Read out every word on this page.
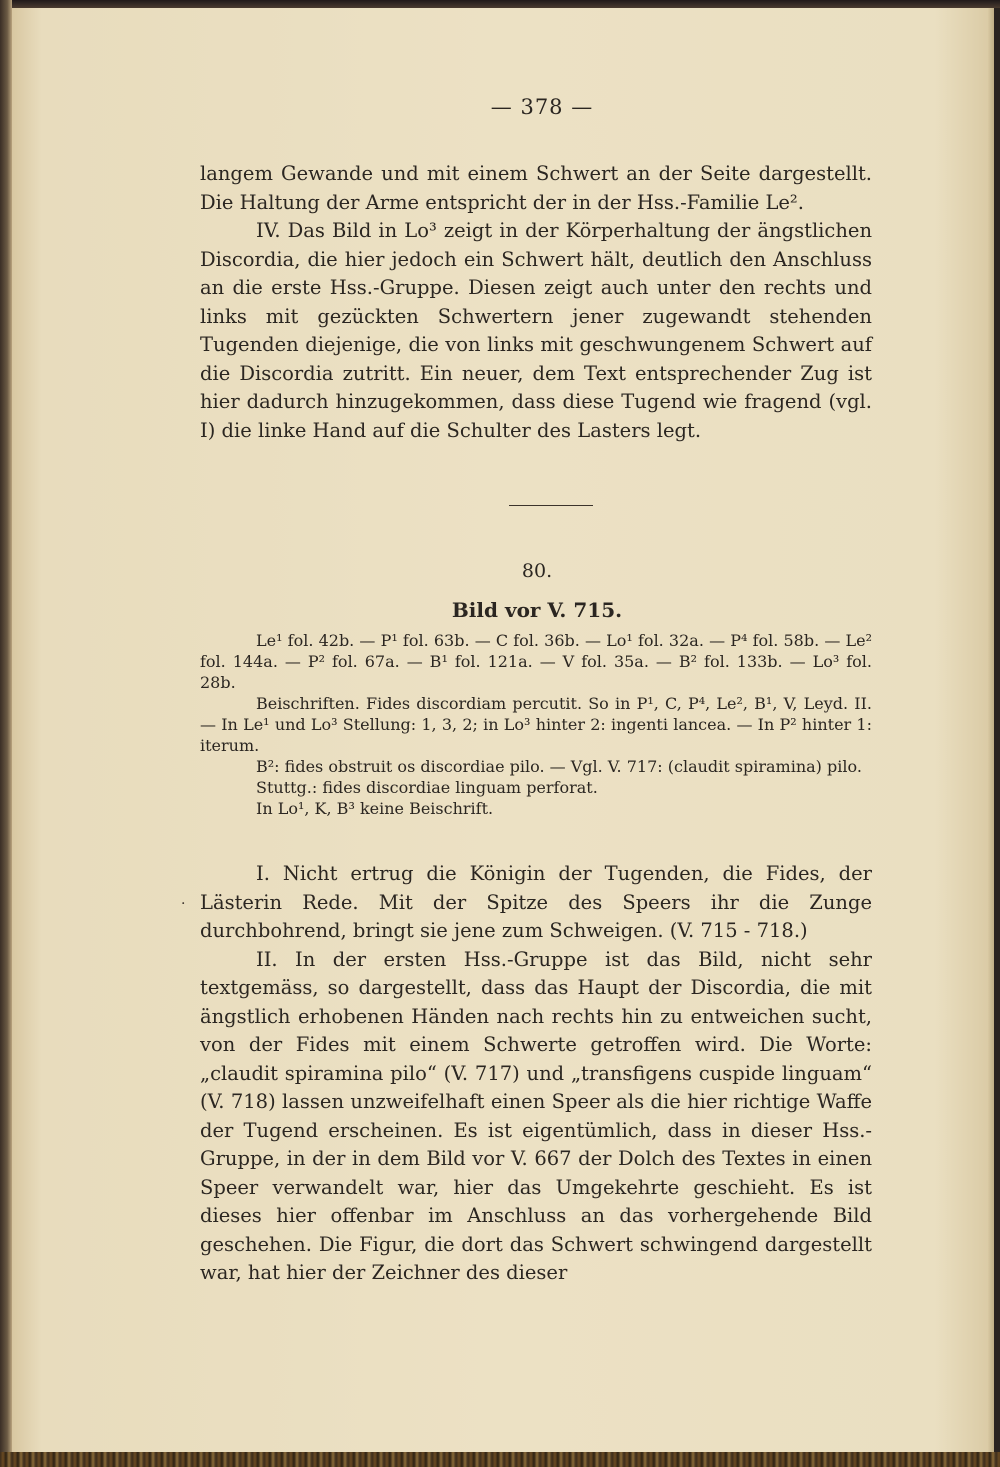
— 378 —

langem Gewande und mit einem Schwert an der Seite dargestellt. Die Haltung der Arme entspricht der in der Hss.-Familie Le².

IV. Das Bild in Lo³ zeigt in der Körperhaltung der ängstlichen Discordia, die hier jedoch ein Schwert hält, deutlich den Anschluss an die erste Hss.-Gruppe. Diesen zeigt auch unter den rechts und links mit gezückten Schwertern jener zugewandt stehenden Tugenden diejenige, die von links mit geschwungenem Schwert auf die Discordia zutritt. Ein neuer, dem Text entsprechender Zug ist hier dadurch hinzugekommen, dass diese Tugend wie fragend (vgl. I) die linke Hand auf die Schulter des Lasters legt.

80.
Bild vor V. 715.

Le¹ fol. 42b. — P¹ fol. 63b. — C fol. 36b. — Lo¹ fol. 32a. — P⁴ fol. 58b. — Le² fol. 144a. — P² fol. 67a. — B¹ fol. 121a. — V fol. 35a. — B² fol. 133b. — Lo³ fol. 28b.

Beischriften. Fides discordiam percutit. So in P¹, C, P⁴, Le², B¹, V, Leyd. II. — In Le¹ und Lo³ Stellung: 1, 3, 2; in Lo³ hinter 2: ingenti lancea. — In P² hinter 1: iterum.

B²: fides obstruit os discordiae pilo. — Vgl. V. 717: (claudit spiramina) pilo.

Stuttg.: fides discordiae linguam perforat.

In Lo¹, K, B³ keine Beischrift.

·

I. Nicht ertrug die Königin der Tugenden, die Fides, der Lästerin Rede. Mit der Spitze des Speers ihr die Zunge durchbohrend, bringt sie jene zum Schweigen. (V. 715 - 718.)

II. In der ersten Hss.-Gruppe ist das Bild, nicht sehr textgemäss, so dargestellt, dass das Haupt der Discordia, die mit ängstlich erhobenen Händen nach rechts hin zu entweichen sucht, von der Fides mit einem Schwerte getroffen wird. Die Worte: „claudit spiramina pilo“ (V. 717) und „transfigens cuspide linguam“ (V. 718) lassen unzweifelhaft einen Speer als die hier richtige Waffe der Tugend erscheinen. Es ist eigentümlich, dass in dieser Hss.-Gruppe, in der in dem Bild vor V. 667 der Dolch des Textes in einen Speer verwandelt war, hier das Umgekehrte geschieht. Es ist dieses hier offenbar im Anschluss an das vorhergehende Bild geschehen. Die Figur, die dort das Schwert schwingend dargestellt war, hat hier der Zeichner des dieser
